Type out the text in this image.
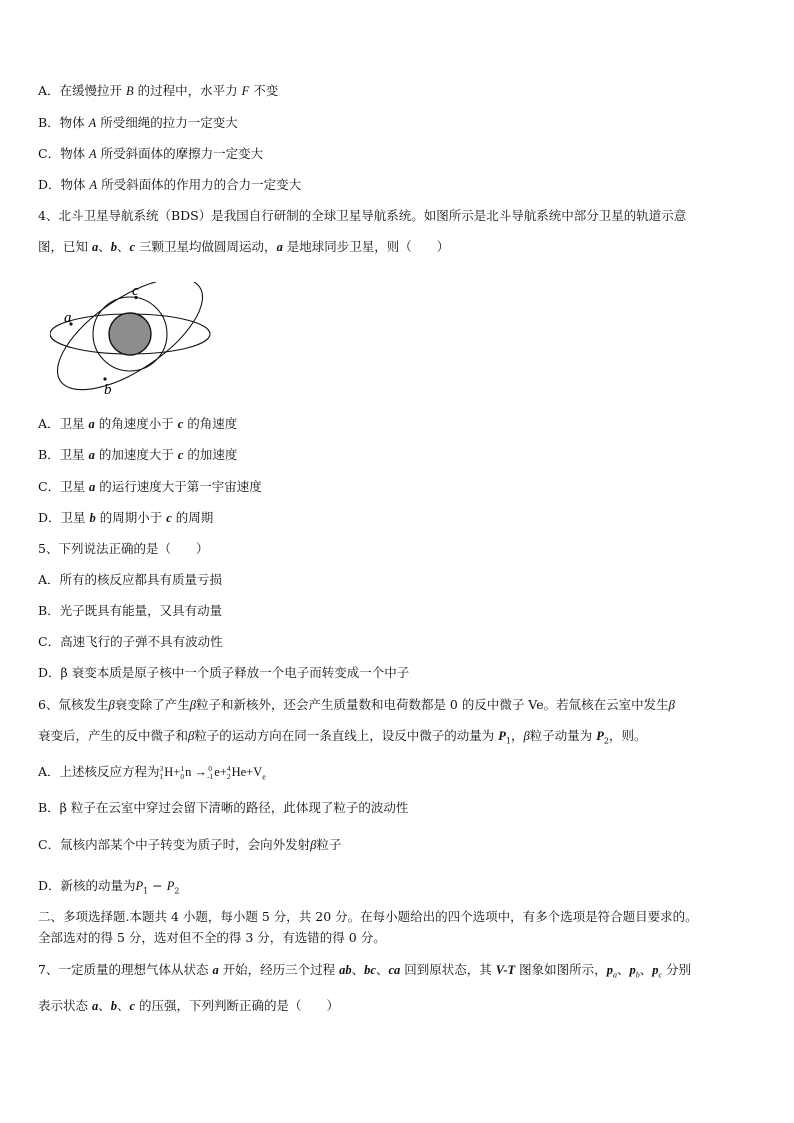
A．在缓慢拉开 B 的过程中，水平力 F 不变
B．物体 A 所受细绳的拉力一定变大
C．物体 A 所受斜面体的摩擦力一定变大
D．物体 A 所受斜面体的作用力的合力一定变大
4、北斗卫星导航系统（BDS）是我国自行研制的全球卫星导航系统。如图所示是北斗导航系统中部分卫星的轨道示意
图，已知 a、b、c 三颗卫星均做圆周运动，a 是地球同步卫星，则（　　）
a
c
b
A．卫星 a 的角速度小于 c 的角速度
B．卫星 a 的加速度大于 c 的加速度
C．卫星 a 的运行速度大于第一宇宙速度
D．卫星 b 的周期小于 c 的周期
5、下列说法正确的是（　　）
A．所有的核反应都具有质量亏损
B．光子既具有能量，又具有动量
C．高速飞行的子弹不具有波动性
D．β 衰变本质是原子核中一个质子释放一个电子而转变成一个中子
6、氚核发生β衰变除了产生β粒子和新核外，还会产生质量数和电荷数都是 0 的反中微子 Ve。若氚核在云室中发生β
衰变后，产生的反中微子和β粒子的运动方向在同一条直线上，设反中微子的动量为 $P_1$，β粒子动量为 $P_2$，则。
A．上述核反应方程为 3
1 H+ 1
0 n → 0
-1 e+ 4
2 $He+V_e$
B．β 粒子在云室中穿过会留下清晰的路径，此体现了粒子的波动性
C．氚核内部某个中子转变为质子时，会向外发射β粒子
D．新核的动量为$P_1 - P_2$
二、多项选择题.本题共 4 小题，每小题 5 分，共 20 分。在每小题给出的四个选项中，有多个选项是符合题目要求的。
全部选对的得 5 分，选对但不全的得 3 分，有选错的得 0 分。
7、一定质量的理想气体从状态 a 开始，经历三个过程 ab、bc、ca 回到原状态，其 V-T 图象如图所示，$p_a$、$p_b$、$p_c$ 分别
表示状态 a、b、c 的压强，下列判断正确的是（　　）
